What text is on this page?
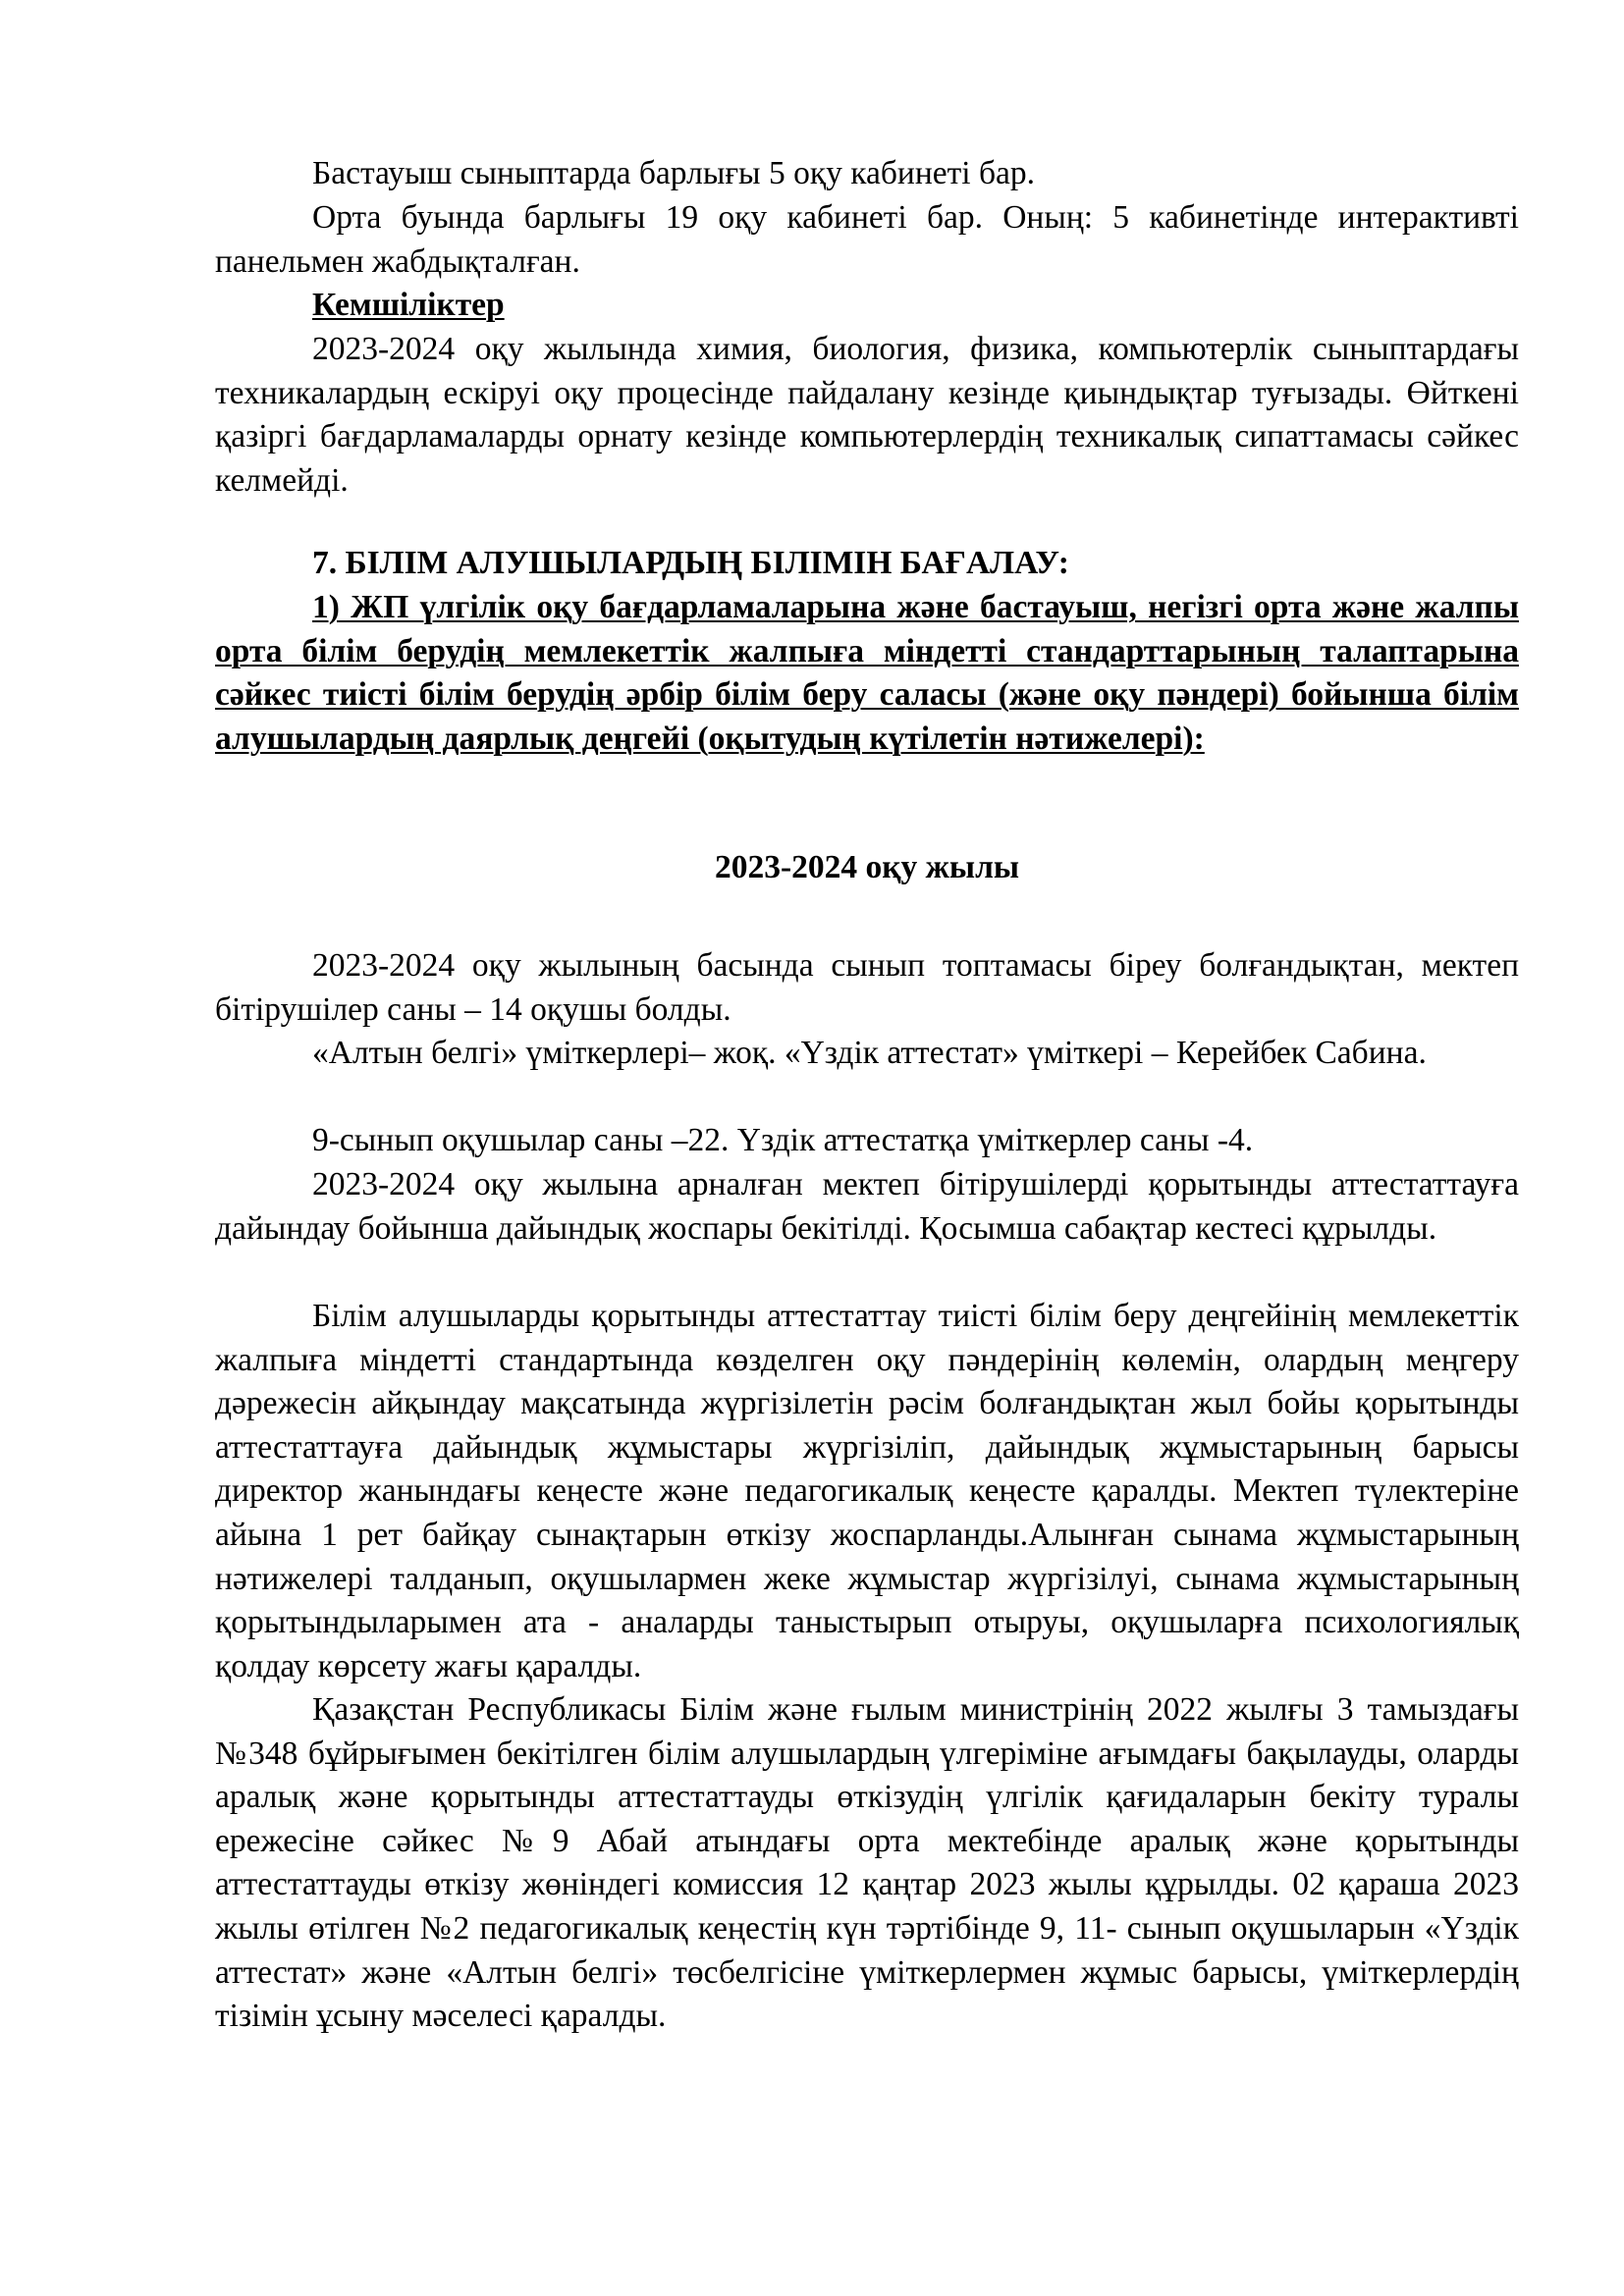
Бастауыш сыныптарда барлығы 5 оқу кабинеті бар.

Орта буында барлығы 19 оқу кабинеті бар. Оның: 5 кабинетінде интерактивті панельмен жабдықталған.

Кемшіліктер

2023-2024 оқу жылында химия, биология, физика, компьютерлік сыныптардағы техникалардың ескіруі оқу процесінде пайдалану кезінде қиындықтар туғызады. Өйткені қазіргі бағдарламаларды орнату кезінде компьютерлердің техникалық сипаттамасы сәйкес келмейді.

7. БІЛІМ АЛУШЫЛАРДЫҢ БІЛІМІН БАҒАЛАУ:

1) ЖП үлгілік оқу бағдарламаларына және бастауыш, негізгі орта және жалпы орта білім берудің мемлекеттік жалпыға міндетті стандарттарының талаптарына сәйкес тиісті білім берудің әрбір білім беру саласы (және оқу пәндері) бойынша білім алушылардың даярлық деңгейі (оқытудың күтілетін нәтижелері):

2023-2024 оқу жылы

2023-2024 оқу жылының басында сынып топтамасы біреу болғандықтан, мектеп бітірушілер саны – 14 оқушы болды.

«Алтын белгі» үміткерлері– жоқ. «Үздік аттестат» үміткері – Керейбек Сабина.

9-сынып оқушылар саны –22. Үздік аттестатқа үміткерлер саны -4.

2023-2024 оқу жылына арналған мектеп бітірушілерді қорытынды аттестаттауға дайындау бойынша дайындық жоспары бекітілді. Қосымша сабақтар кестесі құрылды.

Білім алушыларды қорытынды аттестаттау тиісті білім беру деңгейінің мемлекеттік жалпыға міндетті стандартында көзделген оқу пәндерінің көлемін, олардың меңгеру дәрежесін айқындау мақсатында жүргізілетін рәсім болғандықтан жыл бойы қорытынды аттестаттауға дайындық жұмыстары жүргізіліп, дайындық жұмыстарының барысы директор жанындағы кеңесте және педагогикалық кеңесте қаралды. Мектеп түлектеріне айына 1 рет байқау сынақтарын өткізу жоспарланды.Алынған сынама жұмыстарының нәтижелері талданып, оқушылармен жеке жұмыстар жүргізілуі, сынама жұмыстарының қорытындыларымен ата - аналарды таныстырып отыруы, оқушыларға психологиялық қолдау көрсету жағы қаралды.

Қазақстан Республикасы Білім және ғылым министрінің 2022 жылғы 3 тамыздағы №348 бұйрығымен бекітілген білім алушылардың үлгеріміне ағымдағы бақылауды, оларды аралық және қорытынды аттестаттауды өткізудің үлгілік қағидаларын бекіту туралы ережесіне сәйкес №9 Абай атындағы орта мектебінде аралық және қорытынды аттестаттауды өткізу жөніндегі комиссия 12 қаңтар 2023 жылы құрылды. 02 қараша 2023 жылы өтілген №2 педагогикалық кеңестің күн тәртібінде 9, 11- сынып оқушыларын «Үздік аттестат» және «Алтын белгі» төсбелгісіне үміткерлермен жұмыс барысы, үміткерлердің тізімін ұсыну мәселесі қаралды.
